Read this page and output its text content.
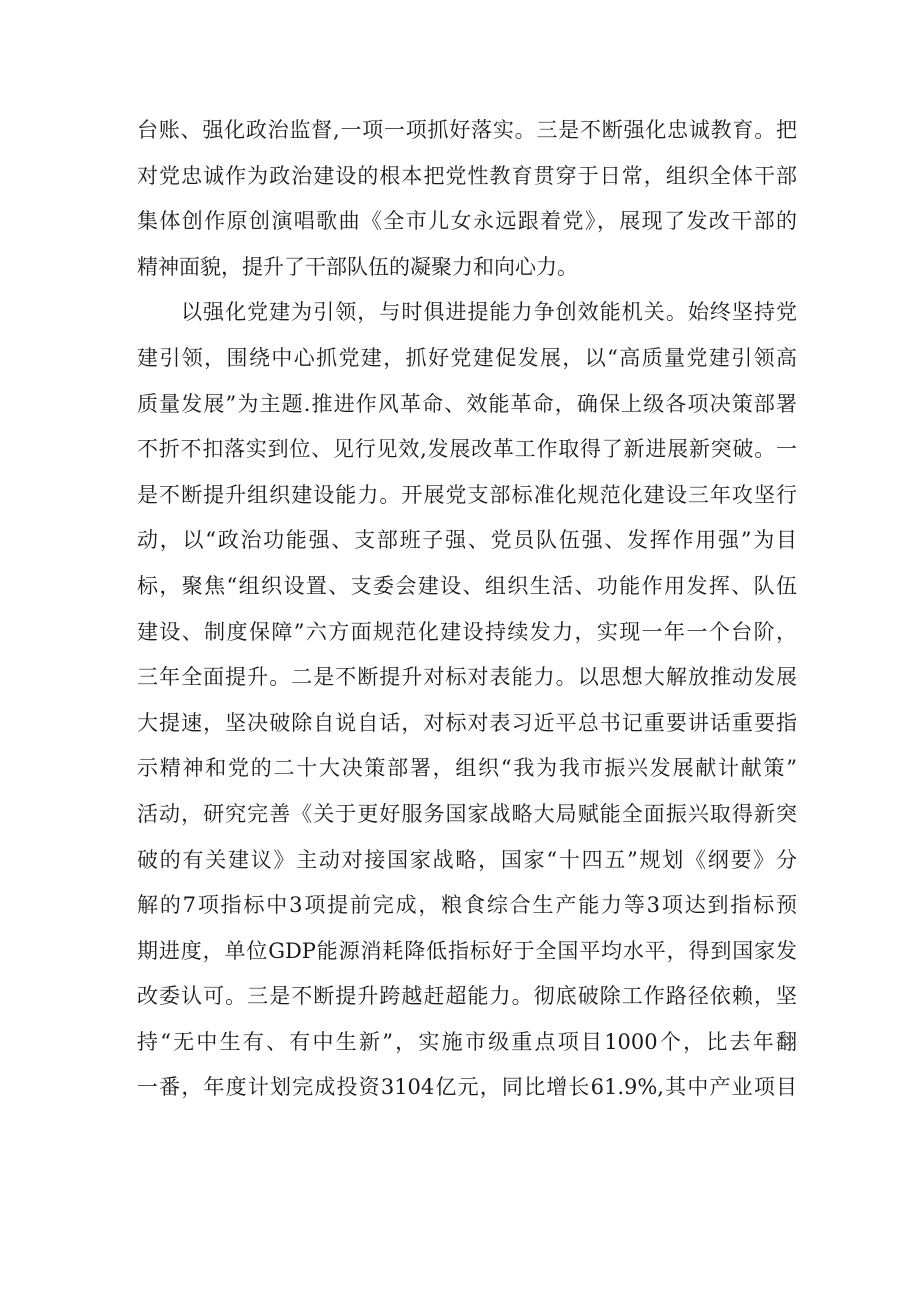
台账、强化政治监督,一项一项抓好落实。三是不断强化忠诚教育。把
对党忠诚作为政治建设的根本把党性教育贯穿于日常，组织全体干部
集体创作原创演唱歌曲《全市儿女永远跟着党》，展现了发改干部的
精神面貌，提升了干部队伍的凝聚力和向心力。
以强化党建为引领，与时俱进提能力争创效能机关。始终坚持党
建引领，围绕中心抓党建，抓好党建促发展，以“高质量党建引领高
质量发展”为主题.推进作风革命、效能革命，确保上级各项决策部署
不折不扣落实到位、见行见效,发展改革工作取得了新进展新突破。一
是不断提升组织建设能力。开展党支部标准化规范化建设三年攻坚行
动，以“政治功能强、支部班子强、党员队伍强、发挥作用强”为目
标，聚焦“组织设置、支委会建设、组织生活、功能作用发挥、队伍
建设、制度保障”六方面规范化建设持续发力，实现一年一个台阶，
三年全面提升。二是不断提升对标对表能力。以思想大解放推动发展
大提速，坚决破除自说自话，对标对表习近平总书记重要讲话重要指
示精神和党的二十大决策部署，组织“我为我市振兴发展献计献策”
活动，研究完善《关于更好服务国家战略大局赋能全面振兴取得新突
破的有关建议》主动对接国家战略，国家“十四五”规划《纲要》分
解的7项指标中3项提前完成，粮食综合生产能力等3项达到指标预
期进度，单位GDP能源消耗降低指标好于全国平均水平，得到国家发
改委认可。三是不断提升跨越赶超能力。彻底破除工作路径依赖，坚
持“无中生有、有中生新”，实施市级重点项目1000个，比去年翻
一番，年度计划完成投资3104亿元，同比增长61.9%,其中产业项目
